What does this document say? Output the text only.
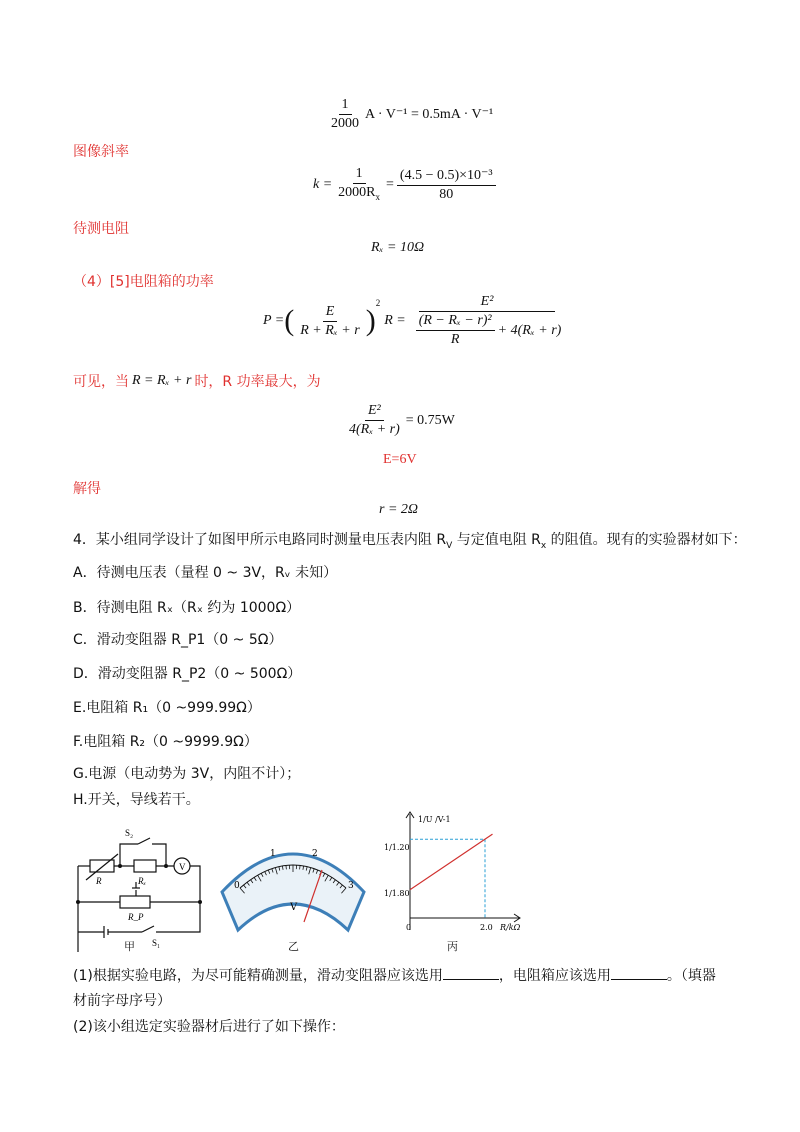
$\frac{1}{2000}$ A · V⁻¹ = 0.5mA · V⁻¹
图像斜率
$k = \frac{1}{2000R_x} = \frac{\text{(4.5 − 0.5)×10⁻³}}{80}$
待测电阻
Rₓ = 10Ω
（4）[5]电阻箱的功率
P = ( $\frac{E}{\text{R + Rₓ + r}}$ )
$^2$
$R = \frac{\text{E²}}{\frac{\text{(R − Rₓ − r)²}}{R} + 4(R_x + r)}$
可见，当 R = Rₓ + r 时，R 功率最大，为
$\frac{\text{E²}}{\text{4(Rₓ + r)}} = 0.75W$
E=6V
解得
r = 2Ω
4．某小组同学设计了如图甲所示电路同时测量电压表内阻 $R_V$ 与定值电阻 $R_x$ 的阻值。现有的实验器材如下：
A．待测电压表（量程 0 ~ 3V，Rᵥ 未知）
B．待测电阻 Rₓ（Rₓ 约为 1000Ω）
C．滑动变阻器 R_P1（0 ~ 5Ω）
D．滑动变阻器 R_P2（0 ~ 500Ω）
E.电阻箱 R₁（0 ~999.99Ω）
F.电阻箱 R₂（0 ~9999.9Ω）
G.电源（电动势为 3V，内阻不计）；
H.开关，导线若干。
S₂
R	Rₓ
V
R_P
S₁
甲
0
1	2
3
V
乙
1/U /V-1
1/1.20
1/1.80
0	2.0 R/kΩ
丙
(1)根据实验电路，为尽可能精确测量，滑动变阻器应该选用	，电阻箱应该选用	。（填器
材前字母序号）
(2)该小组选定实验器材后进行了如下操作：
